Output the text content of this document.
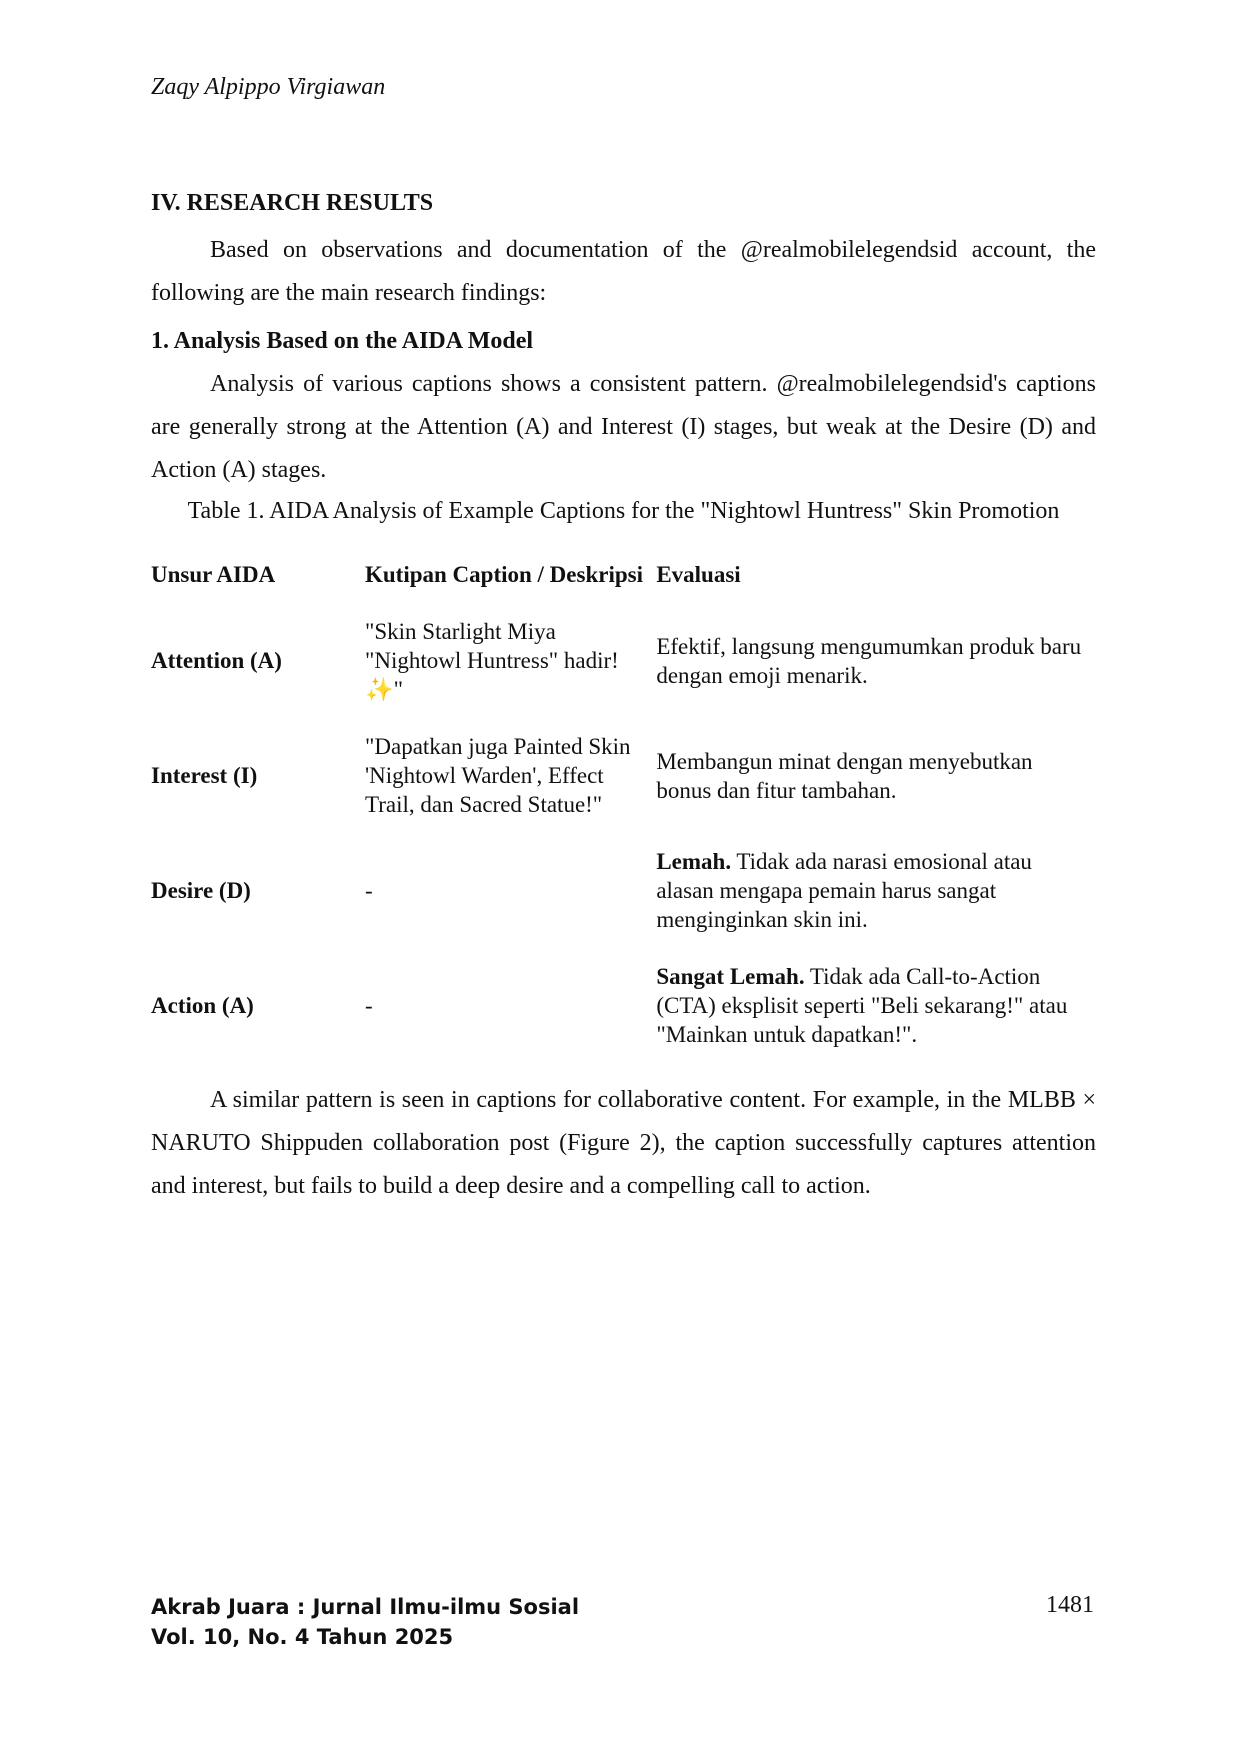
Zaqy Alpippo Virgiawan
IV. RESEARCH RESULTS

Based on observations and documentation of the @realmobilelegendsid account, the following are the main research findings:

1. Analysis Based on the AIDA Model

Analysis of various captions shows a consistent pattern. @realmobilelegendsid's captions are generally strong at the Attention (A) and Interest (I) stages, but weak at the Desire (D) and Action (A) stages.

Table 1. AIDA Analysis of Example Captions for the "Nightowl Huntress" Skin Promotion
Unsur AIDA	Kutipan Caption / Deskripsi	Evaluasi
Attention (A)	"Skin Starlight Miya "Nightowl Huntress" hadir! ✨"	Efektif, langsung mengumumkan produk baru dengan emoji menarik.
Interest (I)	"Dapatkan juga Painted Skin 'Nightowl Warden', Effect Trail, dan Sacred Statue!"	Membangun minat dengan menyebutkan bonus dan fitur tambahan.
Desire (D)	-	Lemah. Tidak ada narasi emosional atau alasan mengapa pemain harus sangat menginginkan skin ini.
Action (A)	-	Sangat Lemah. Tidak ada Call-to-Action (CTA) eksplisit seperti "Beli sekarang!" atau "Mainkan untuk dapatkan!".

A similar pattern is seen in captions for collaborative content. For example, in the MLBB × NARUTO Shippuden collaboration post (Figure 2), the caption successfully captures attention and interest, but fails to build a deep desire and a compelling call to action.

Akrab Juara : Jurnal Ilmu-ilmu Sosial
Vol. 10, No. 4 Tahun 2025
1481
